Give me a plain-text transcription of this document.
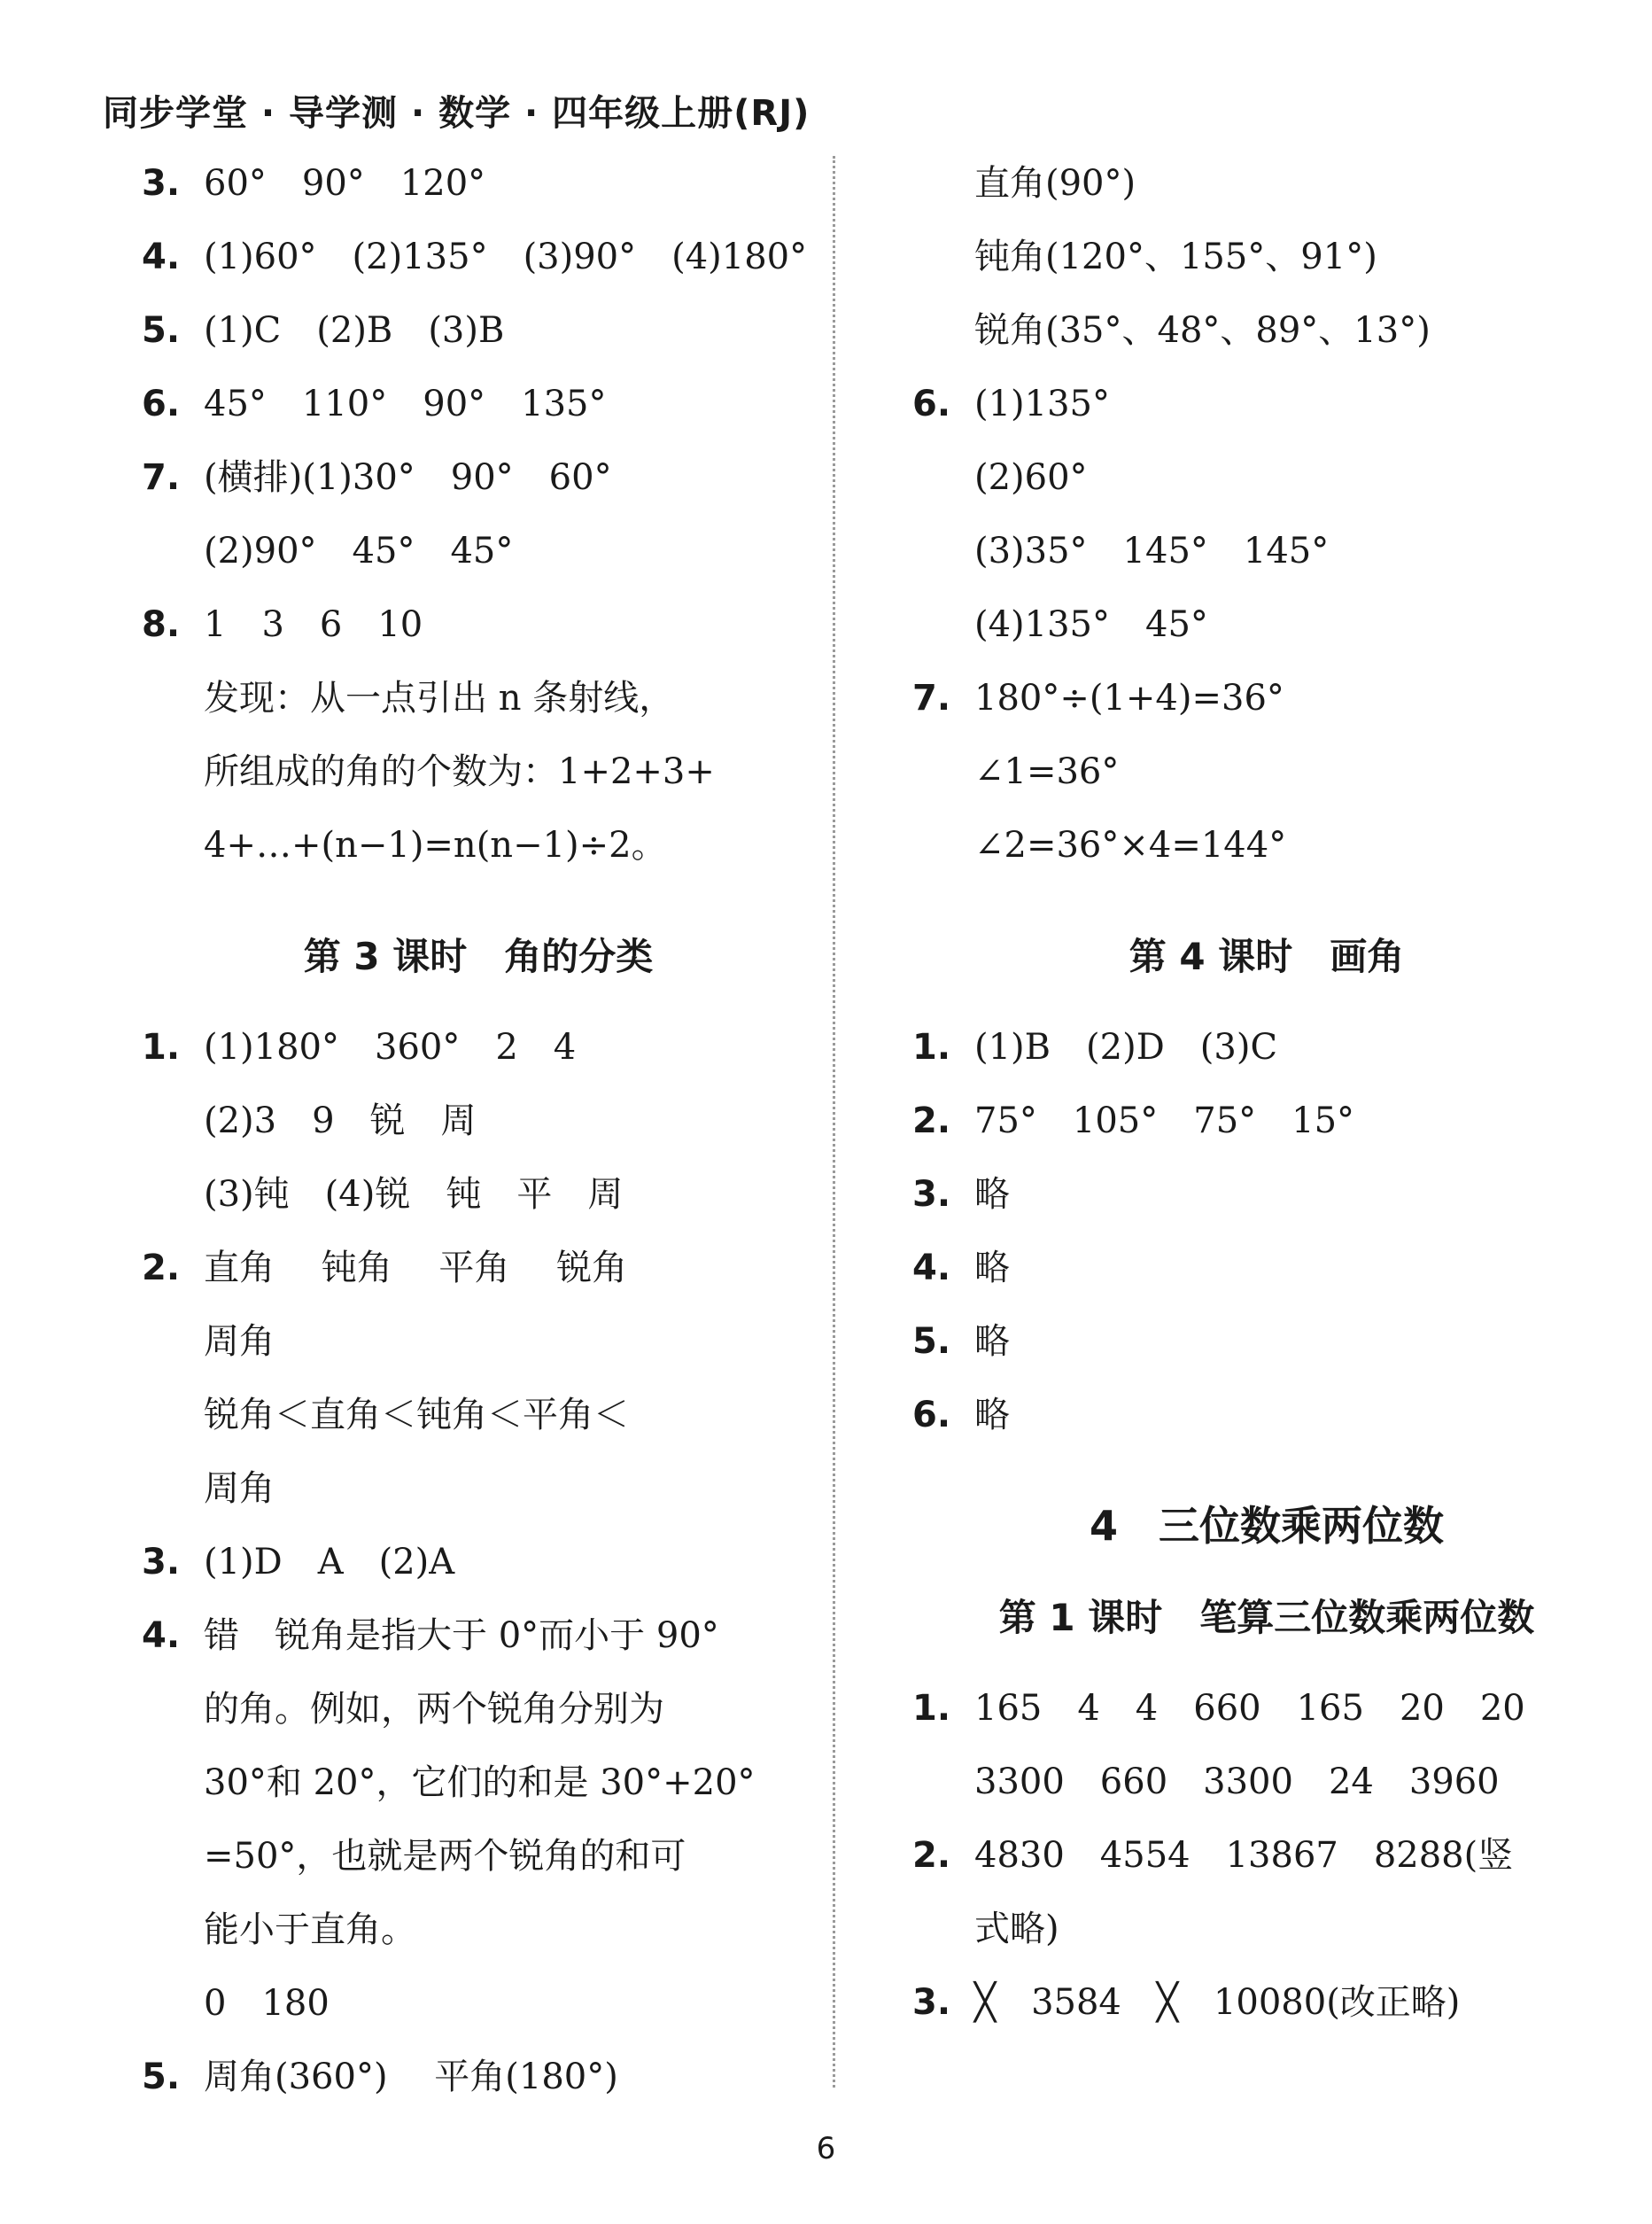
同步学堂 · 导学测 · 数学 · 四年级上册(RJ)
3. 60°　90°　120°
4. (1)60°　(2)135°　(3)90°　(4)180°
5. (1)C　(2)B　(3)B
6. 45°　110°　90°　135°
7. (横排)(1)30°　90°　60°
(2)90°　45°　45°
8. 1　3　6　10
发现：从一点引出 n 条射线，
所组成的角的个数为：1+2+3+
4+…+(n−1)=n(n−1)÷2。
第 3 课时　角的分类
1. (1)180°　360°　2　4
(2)3　9　锐　周
(3)钝　(4)锐　钝　平　周
2. 直角　 钝角　 平角　 锐角
周角
锐角＜直角＜钝角＜平角＜
周角
3. (1)D　A　(2)A
4. 错　锐角是指大于 0°而小于 90°
的角。例如，两个锐角分别为
30°和 20°，它们的和是 30°+20°
=50°，也就是两个锐角的和可
能小于直角。
0　180
5. 周角(360°)　 平角(180°)
直角(90°)
钝角(120°、155°、91°)
锐角(35°、48°、89°、13°)
6. (1)135°
(2)60°
(3)35°　145°　145°
(4)135°　45°
7. 180°÷(1+4)=36°
∠1=36°
∠2=36°×4=144°
第 4 课时　画角
1. (1)B　(2)D　(3)C
2. 75°　105°　75°　15°
3. 略
4. 略
5. 略
6. 略
4　三位数乘两位数
第 1 课时　笔算三位数乘两位数
1. 165　4　4　660　165　20　20
3300　660　3300　24　3960
2. 4830　4554　13867　8288(竖
式略)
3. ╳　3584　╳　10080(改正略)
6
